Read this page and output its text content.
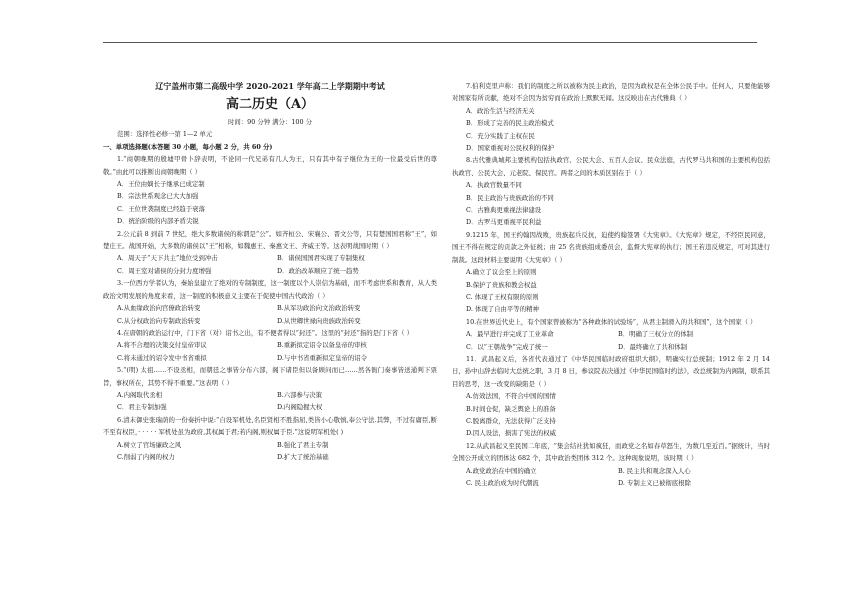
辽宁盖州市第二高级中学 2020-2021 学年高二上学期期中考试

高二历史（A）

时间：90 分钟 满分：100 分

范围：选择性必修一第 1—2 单元

一、单项选择题(本答题 30 小题，每小题 2 分，共 60 分)

1.“商朝晚期的殷墟甲骨卜辞表明，不论同一代兄弟有几人为王，只有其中有子继位为王的一位最受后世的尊敬。”由此可以推断出商朝晚期（ ）

A．王位由嫡长子继承已成定制

B．宗法世系观念已大大加强

C．王位世袭制度已经趋于衰落

D．统治阶级的内部矛盾尖锐

2.公元前 8 到前 7 世纪，绝大多数诸侯的称谓是“公”。如齐桓公、宋襄公、晋文公等，只有楚国国君称“王”，如楚庄王。战国开始，大多数的诸侯以“王”相称，如魏惠王、秦惠文王、齐威王等。这表明战国时期（ ）

A．周天子“天下共主”地位受到冲击	B．诸侯国国君实现了专制集权
C．周王室对诸侯的分封力度增强	D．政治改革顺应了统一趋势

3.一位西方学者认为，秦始皇建立了绝对的专制制度，这一制度以个人崇信为基础，而不考虑世系和教育，从人类政治文明发展的角度来看，这一制度的积极意义主要在于促使中国古代政治（ ）

A.从血缘政治向官僚政治转变	B.从军功政治向文治政治转变
C.从分权政治向专制政治转变	D.从世卿世禄向贵族政治转变

4.在唐朝的政治运行中，门下省（对）诏书之出，有不便者得以“封还”。这里的“封还”指的是门下省（ ）

A.将不合理的决策交付皇帝审议	B.重新拟定诏令以备皇帝的审核
C.将未通过的诏令发中书省重拟	D.与中书省重新拟定皇帝的诏令

5.“(明) 太祖……不设丞相，而朝廷之事皆分布六部，阁下诸臣但以备顾问而已……然各衙门奏事皆送通判下票旨，事权所在，其势不得不重要。”这表明（ ）

A.内阁取代丞相	B.六部参与决策
C．君主专制加强	D.内阁隐握大权

6.清末御史张瑞荫的一份奏折中说:“自设军机处,名臣贤相不胜指屈,类皆小心敬慎,奉公守法.其弊，不过有庸臣,断不至有权臣，· · · · · 军机处虽为政府,其权属于君;若内阁,则权属于臣.”这说明军机处( )

A.树立了官场廉政之风	B.强化了君主专制
C.削弱了内阁的权力	D.扩大了统治基础

7.伯利克里声称：我们的制度之所以被称为民主政治，是因为政权是在全体公民手中。任何人，只要他能够对国家有所贡献，绝对不会因为贫穷而在政治上默默无闻。这反映出在古代雅典（ ）

A．政治生活与经济无关

B．形成了完善的民主政治模式

C．充分实践了主权在民

D．国家重视对公民权利的保护

8.古代雅典城邦主要机构包括执政官、公民大会、五百人会议、民众法庭，古代罗马共和国的主要机构包括执政官、公民大会、元老院、保民官。两者之间的本质区别在于（ ）

A．执政官数量不同

B．民主政治与贵族政治的不同

C．古雅典更重视法律建设

D．古罗马更重视平民利益

9.1215 年，国王约翰因战败，贵族起兵反抗，迫使约翰签署《大宪章》。《大宪章》规定，不经臣民同意，国王不得在规定的贡款之外征税；由 25 名贵族组成委员会，监督大宪章的执行；国王若违反规定，可对其进行制裁。这段材料主要说明《大宪章》（ ）

A.确立了议会至上的原则

B.保护了贵族和教会权益

C. 体现了王权有限的原则

D. 体现了自由平等的精神

10.在世界近代史上，有个国家曾被称为“各种政体的试验场”，从君主制滑入的共和国”，这个国家（ ）

A．最早进行并完成了工业革命	B．明确了三权分立的体制
C．以“王朝战争”完成了统一	D．最终确立了共和体制

11．武昌起义后，各省代表通过了《中华民国临时政府组织大纲》，明确实行总统制；1912 年 2 月 14 日，孙中山辞去临时大总统之职，3 月 8 日，参议院表决通过《中华民国临时约法》，改总统制为内阁制，联系其目的思考，这一改变的缺陷是（ ）

A.仿效法国，不符合中国的国情

B.时间仓促，缺乏舆论上的准备

C.脱离群众，无法获得广泛支持

D.因人设法，损害了宪法的权威

12.从武昌起义至民国二年底，“集会结社犹如疯狂，而政党之名如春草怒生，为数几至近百。”据统计，当时全国公开成立的团体达 682 个，其中政治类团体 312 个。这种现象说明，该时期（ ）

A.政党政治在中国的确立	B. 民主共和观念深入人心
C. 民主政治成为时代潮流	D. 专制主义已被彻底根除
